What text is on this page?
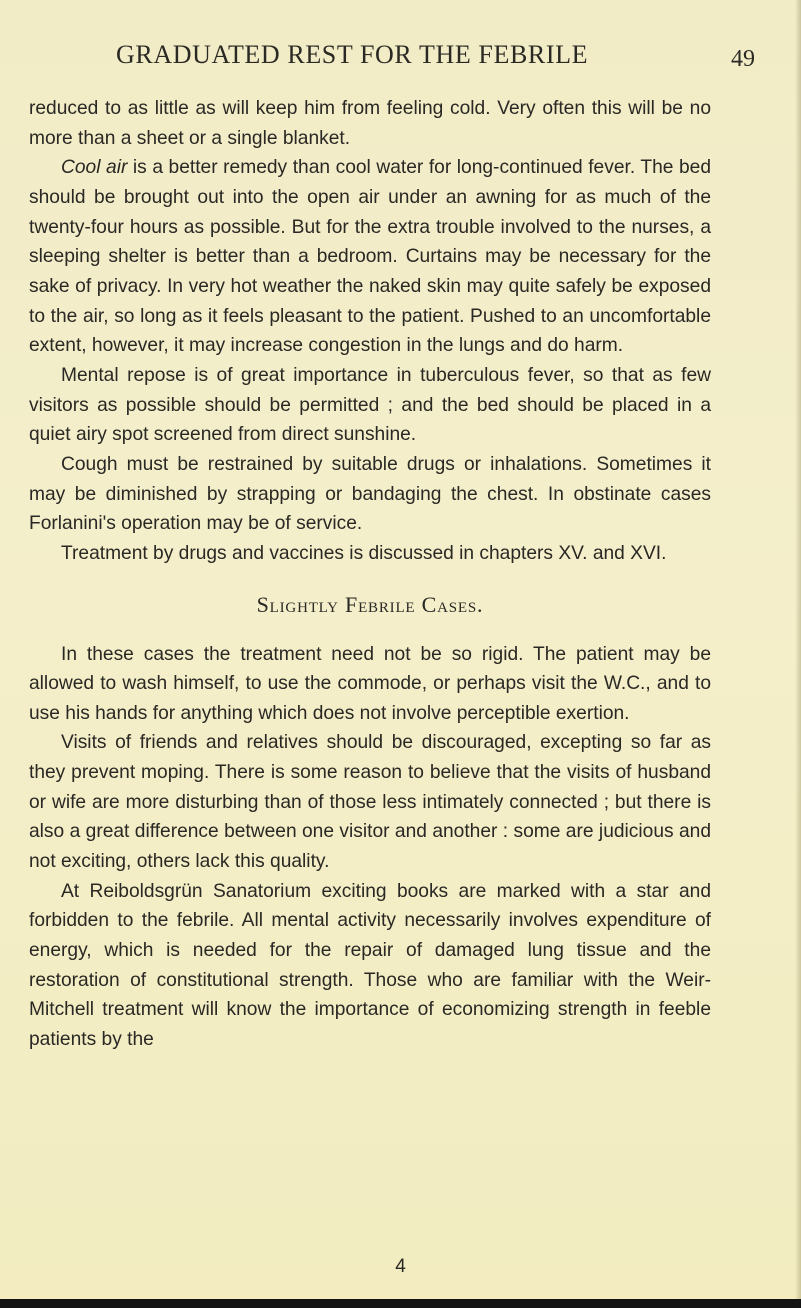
GRADUATED REST FOR THE FEBRILE	49

reduced to as little as will keep him from feeling cold. Very often this will be no more than a sheet or a single blanket.

Cool air is a better remedy than cool water for long-continued fever. The bed should be brought out into the open air under an awning for as much of the twenty-four hours as possible. But for the extra trouble involved to the nurses, a sleeping shelter is better than a bedroom. Curtains may be necessary for the sake of privacy. In very hot weather the naked skin may quite safely be exposed to the air, so long as it feels pleasant to the patient. Pushed to an uncomfortable extent, however, it may increase congestion in the lungs and do harm.

Mental repose is of great importance in tuberculous fever, so that as few visitors as possible should be permitted ; and the bed should be placed in a quiet airy spot screened from direct sunshine.

Cough must be restrained by suitable drugs or inhalations. Sometimes it may be diminished by strapping or bandaging the chest. In obstinate cases Forlanini's operation may be of service.

Treatment by drugs and vaccines is discussed in chapters XV. and XVI.

Slightly Febrile Cases.

In these cases the treatment need not be so rigid. The patient may be allowed to wash himself, to use the commode, or perhaps visit the W.C., and to use his hands for anything which does not involve perceptible exertion.

Visits of friends and relatives should be discouraged, excepting so far as they prevent moping. There is some reason to believe that the visits of husband or wife are more disturbing than of those less intimately connected ; but there is also a great difference between one visitor and another : some are judicious and not exciting, others lack this quality.

At Reiboldsgrün Sanatorium exciting books are marked with a star and forbidden to the febrile. All mental activity necessarily involves expenditure of energy, which is needed for the repair of damaged lung tissue and the restoration of constitutional strength. Those who are familiar with the Weir-Mitchell treatment will know the importance of economizing strength in feeble patients by the

4
